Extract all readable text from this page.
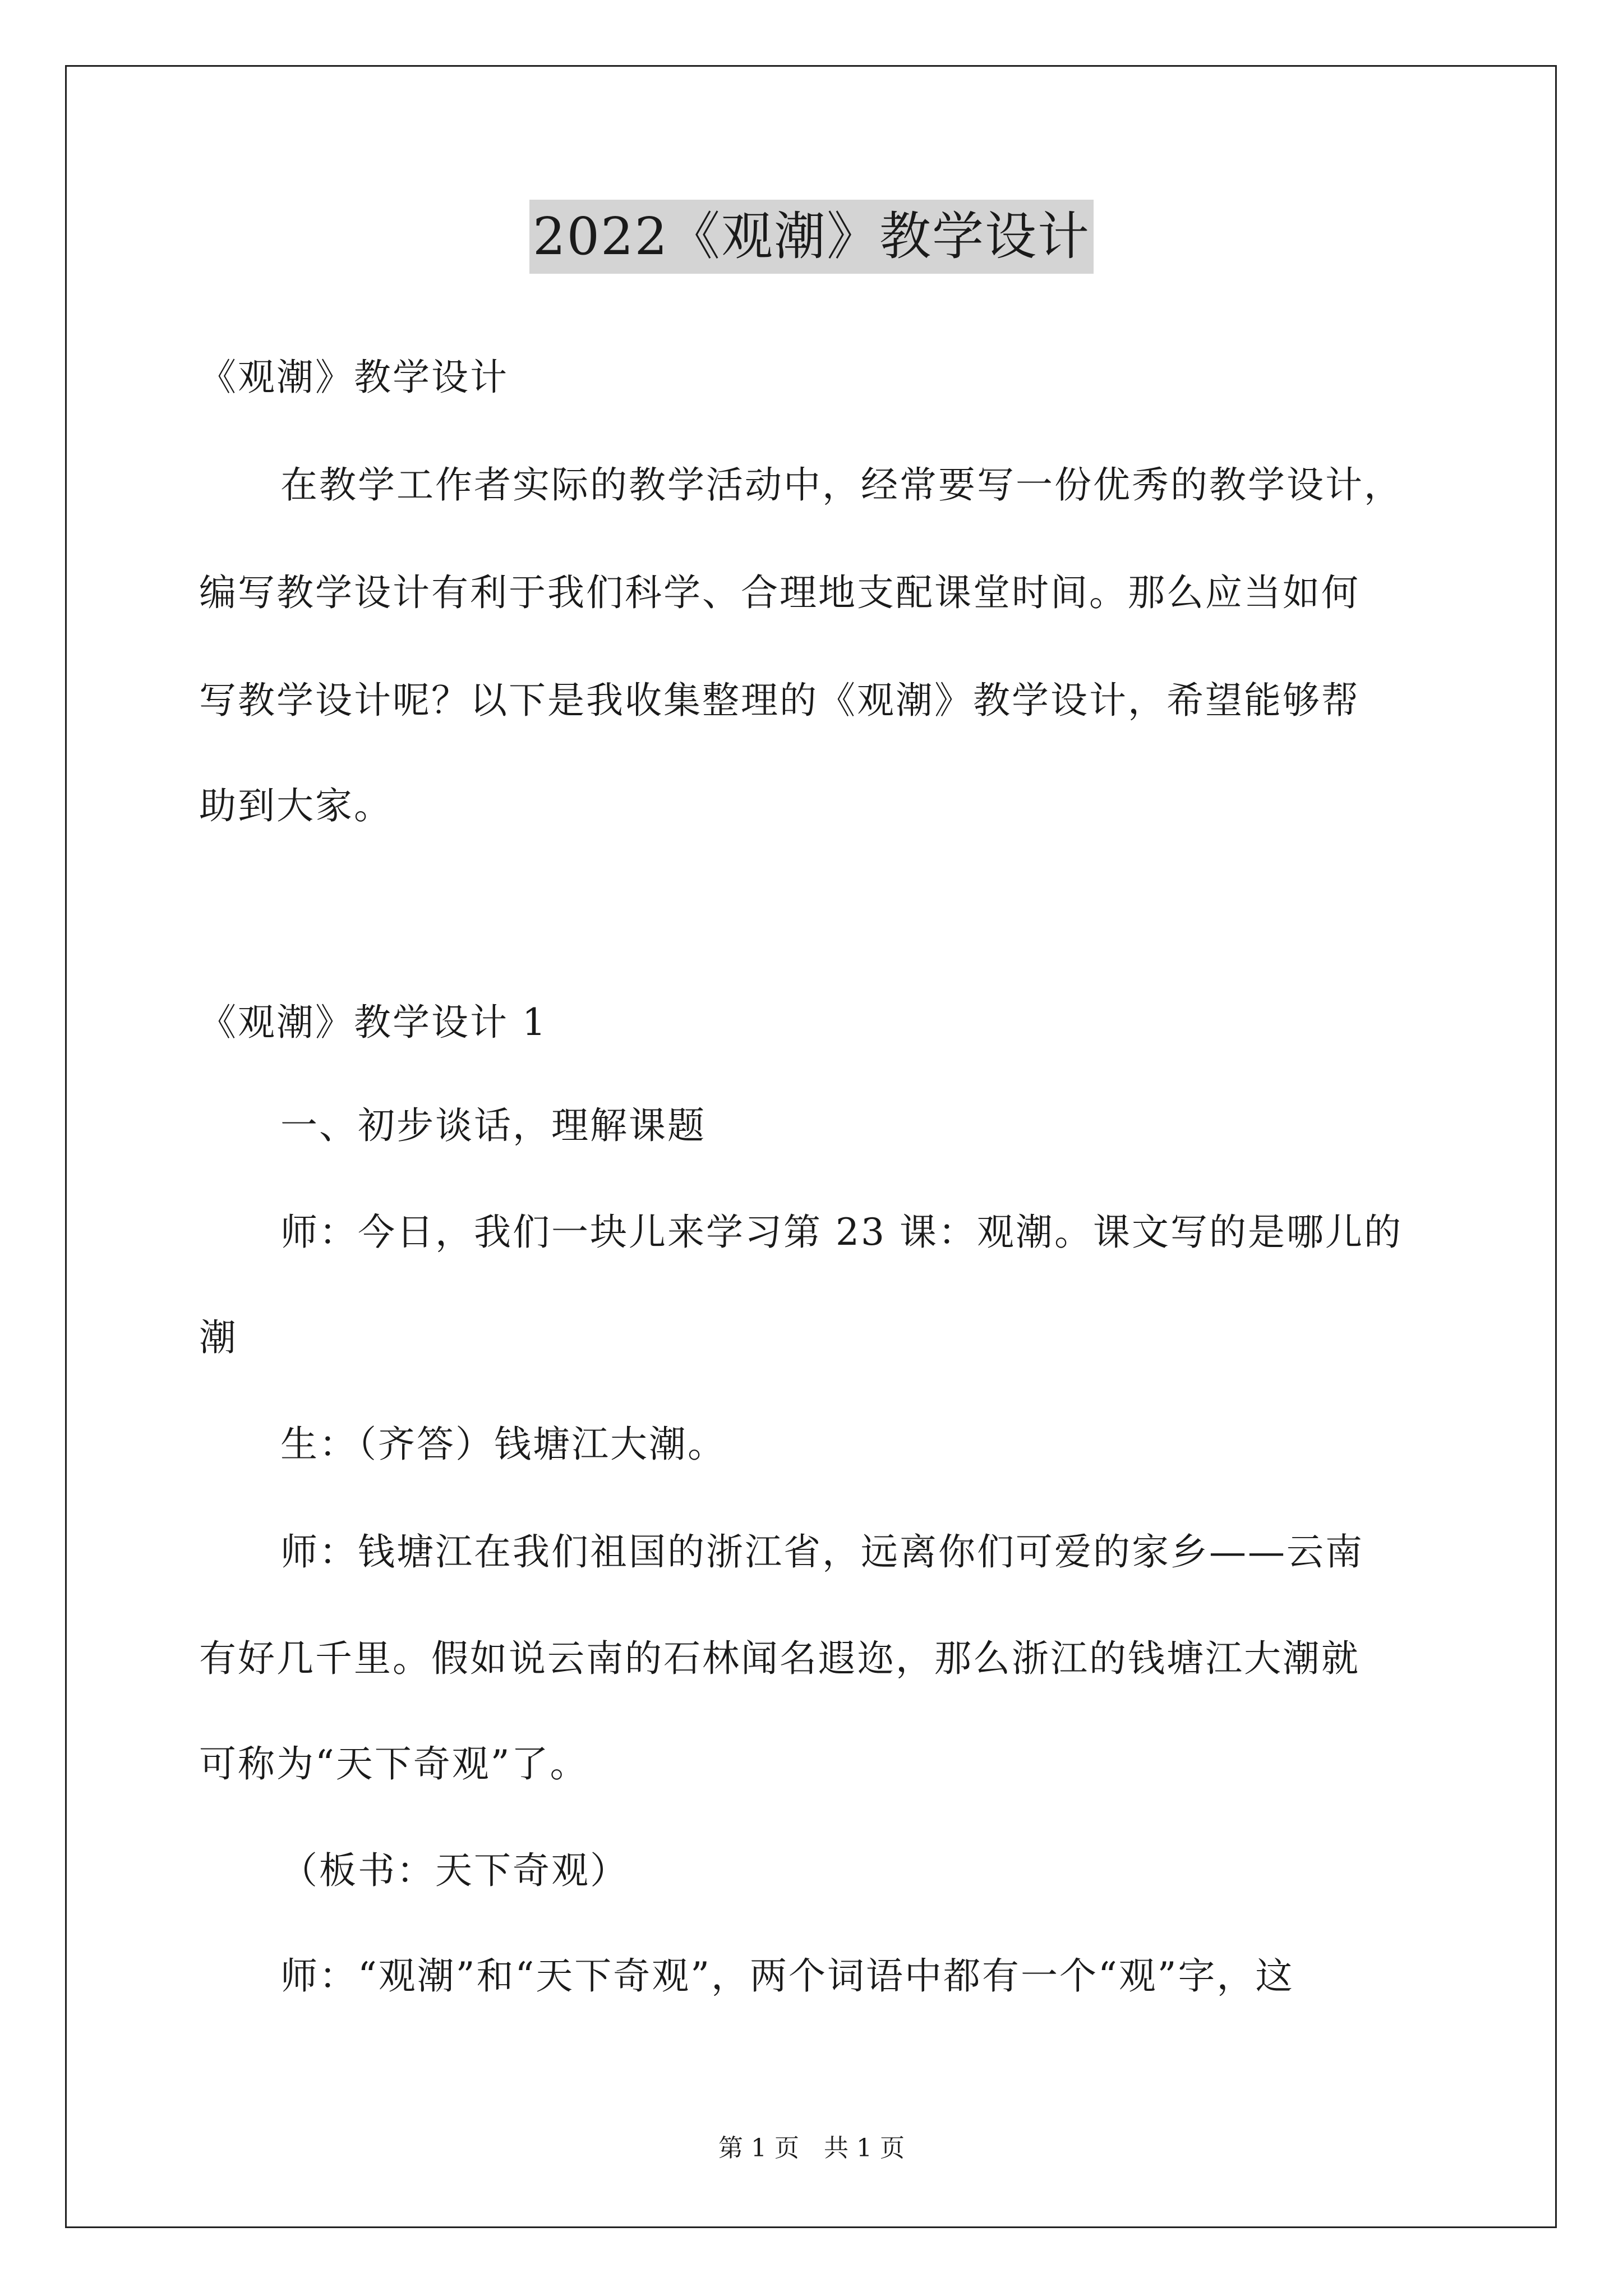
2022《观潮》教学设计
《观潮》教学设计
在教学工作者实际的教学活动中，经常要写一份优秀的教学设计，
编写教学设计有利于我们科学、合理地支配课堂时间。那么应当如何
写教学设计呢？以下是我收集整理的《观潮》教学设计，希望能够帮
助到大家。
《观潮》教学设计 1
一、初步谈话，理解课题
师：今日，我们一块儿来学习第 23 课：观潮。课文写的是哪儿的
潮
生：（齐答）钱塘江大潮。
师：钱塘江在我们祖国的浙江省，远离你们可爱的家乡——云南
有好几千里。假如说云南的石林闻名遐迩，那么浙江的钱塘江大潮就
可称为“天下奇观”了。
（板书：天下奇观）
师：“观潮”和“天下奇观”，两个词语中都有一个“观”字，这
第 1 页　共 1 页
